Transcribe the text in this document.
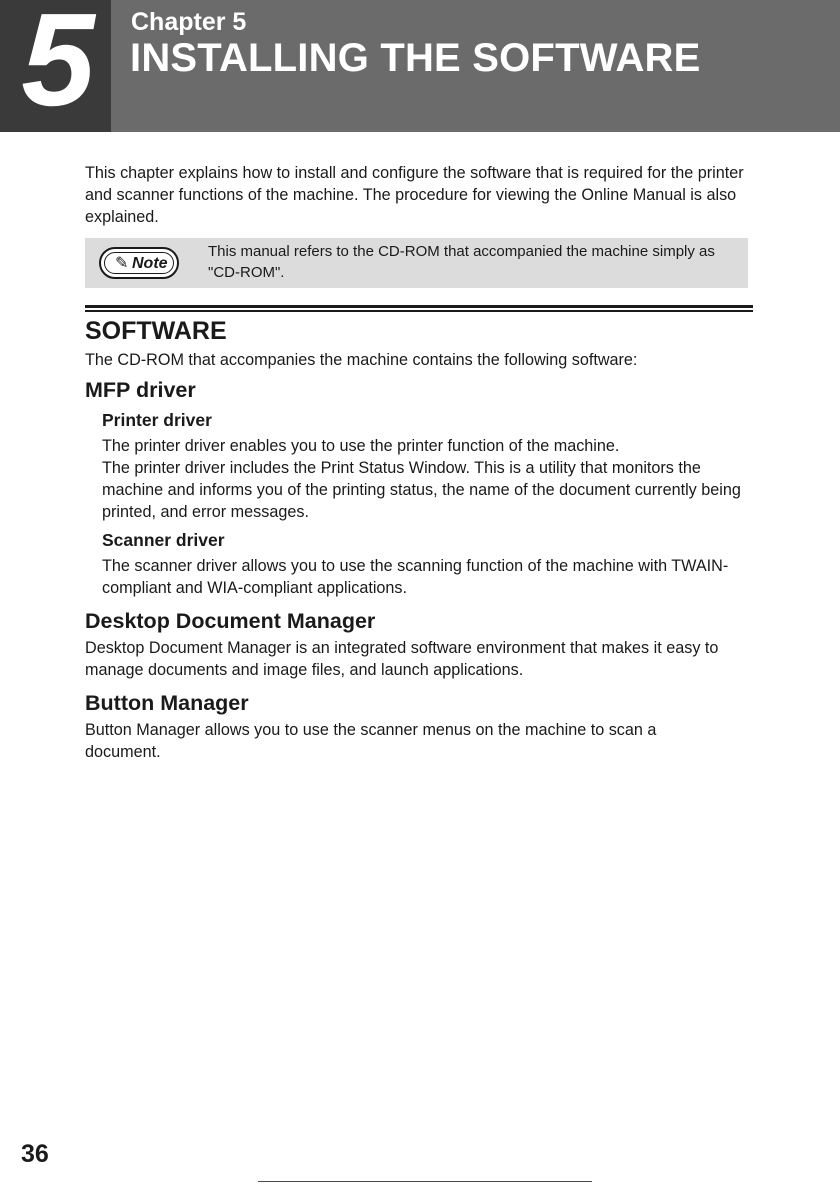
5	Chapter 5
INSTALLING THE SOFTWARE
This chapter explains how to install and configure the software that is required for the printer and scanner functions of the machine. The procedure for viewing the Online Manual is also explained.
✎ Note
This manual refers to the CD-ROM that accompanied the machine simply as "CD-ROM".
SOFTWARE
The CD-ROM that accompanies the machine contains the following software:
MFP driver
Printer driver
The printer driver enables you to use the printer function of the machine.
The printer driver includes the Print Status Window. This is a utility that monitors the machine and informs you of the printing status, the name of the document currently being printed, and error messages.
Scanner driver
The scanner driver allows you to use the scanning function of the machine with TWAIN-compliant and WIA-compliant applications.
Desktop Document Manager
Desktop Document Manager is an integrated software environment that makes it easy to manage documents and image files, and launch applications.
Button Manager
Button Manager allows you to use the scanner menus on the machine to scan a document.
36
